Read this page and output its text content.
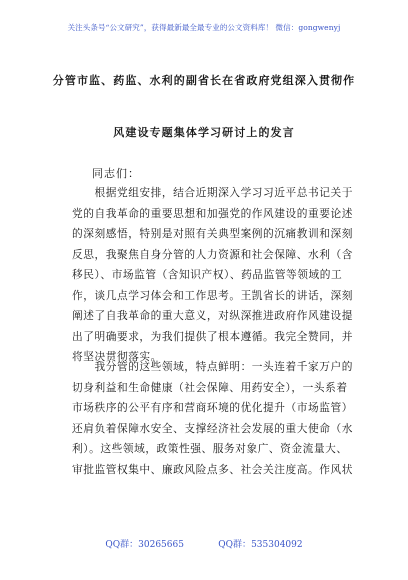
关注头条号“公文研究”，获得最新最全最专业的公文资料库！ 微信：gongwenyj
分管市监、药监、水利的副省长在省政府党组深入贯彻作
风建设专题集体学习研讨上的发言
同志们：
　　根据党组安排，结合近期深入学习习近平总书记关于
党的自我革命的重要思想和加强党的作风建设的重要论述
的深刻感悟，特别是对照有关典型案例的沉痛教训和深刻
反思，我聚焦自身分管的人力资源和社会保障、水利（含
移民）、市场监管（含知识产权）、药品监管等领域的工
作，谈几点学习体会和工作思考。王凯省长的讲话，深刻
阐述了自我革命的重大意义，对纵深推进政府作风建设提
出了明确要求，为我们提供了根本遵循。我完全赞同，并
将坚决贯彻落实。
　　我分管的这些领域，特点鲜明：一头连着千家万户的
切身利益和生命健康（社会保障、用药安全），一头系着
市场秩序的公平有序和营商环境的优化提升（市场监管）
还肩负着保障水安全、支撑经济社会发展的重大使命（水
利）。这些领域，政策性强、服务对象广、资金流量大、
审批监管权集中、廉政风险点多、社会关注度高。作风状
QQ群：30265665	QQ群：535304092
